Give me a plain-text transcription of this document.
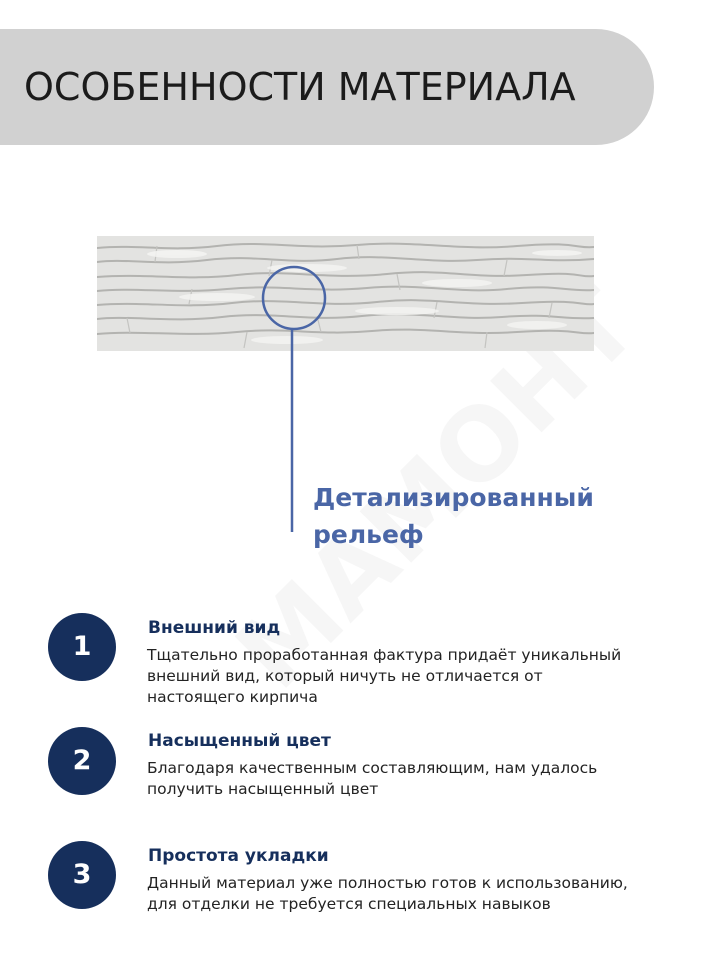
ОСОБЕННОСТИ МАТЕРИАЛА
Детализированный
рельеф
1
Внешний вид

Тщательно проработанная фактура придаёт уникальный
внешний вид, который ничуть не отличается от
настоящего кирпича

2
Насыщенный цвет

Благодаря качественным составляющим, нам удалось
получить насыщенный цвет

3
Простота укладки

Данный материал уже полностью готов к использованию,
для отделки не требуется специальных навыков
